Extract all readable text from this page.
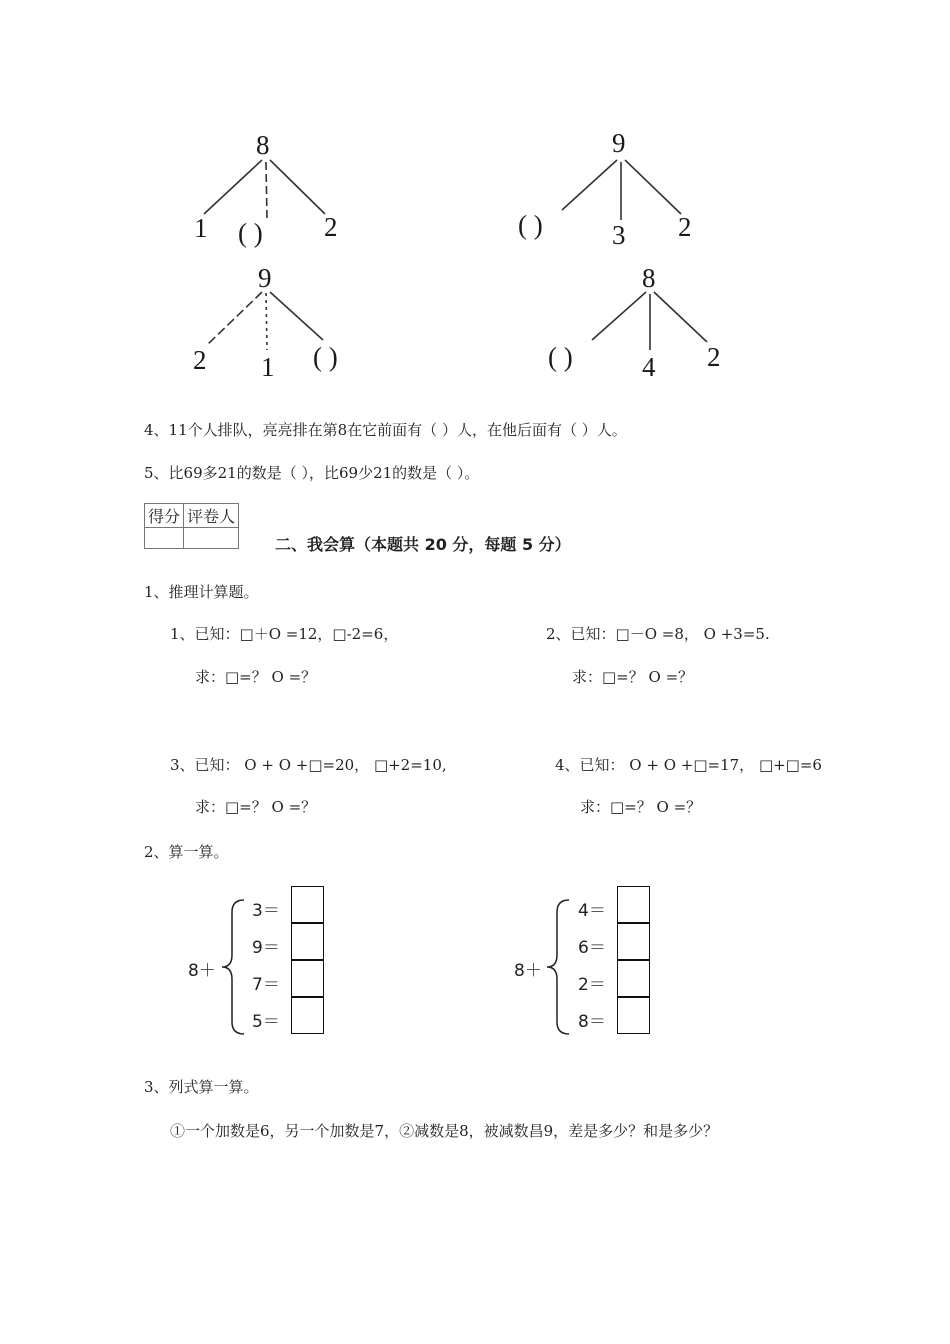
8
1 ( ) 2
9
( )	3 2
9
2 1 ( )
8
( )	4 2
4、11个人排队，亮亮排在第8在它前面有（ ）人，在他后面有（ ）人。
5、比69多21的数是（ ），比69少21的数是（ ）。
得分	评卷人

二、我会算（本题共 20 分，每题 5 分）
1、推理计算题。
1、已知：□＋O =12，□-2=6，
求：□=？ O =？
2、已知：□－O =8， O +3=5.
求：□=？ O =？
3、已知： O + O +□=20， □+2=10,
求：□=？ O =？
4、已知： O + O +□=17， □+□=6
求：□=？ O =？
2、算一算。
8＋
3＝
9＝
7＝
5＝
8＋
4＝
6＝
2＝
8＝
3、列式算一算。
①一个加数是6，另一个加数是7，②减数是8，被减数昌9，差是多少？和是多少？
